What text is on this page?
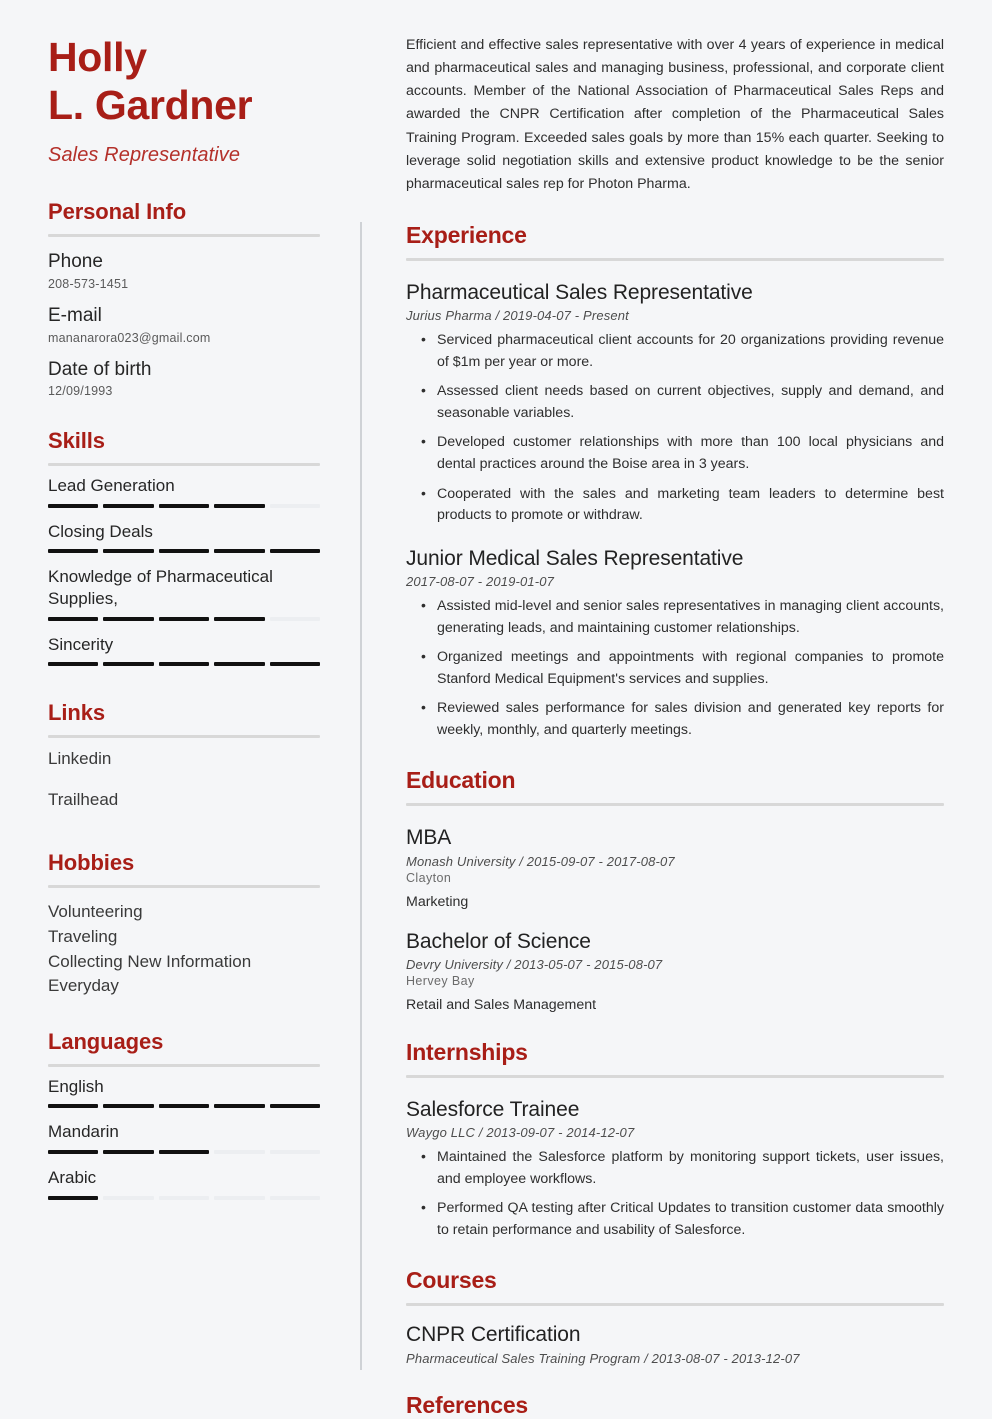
Holly
L. Gardner
Sales Representative
Personal Info
Phone
208-573-1451
E-mail
mananarora023@gmail.com
Date of birth
12/09/1993
Skills
Lead Generation
Closing Deals
Knowledge of Pharmaceutical Supplies,
Sincerity
Links
Linkedin
Trailhead
Hobbies
Volunteering
Traveling
Collecting New Information
Everyday
Languages
English
Mandarin
Arabic

Efficient and effective sales representative with over 4 years of experience in medical and pharmaceutical sales and managing business, professional, and corporate client accounts. Member of the National Association of Pharmaceutical Sales Reps and awarded the CNPR Certification after completion of the Pharmaceutical Sales Training Program. Exceeded sales goals by more than 15% each quarter. Seeking to leverage solid negotiation skills and extensive product knowledge to be the senior pharmaceutical sales rep for Photon Pharma.

Experience
Pharmaceutical Sales Representative
Jurius Pharma / 2019-04-07 - Present
• Serviced pharmaceutical client accounts for 20 organizations providing revenue of $1m per year or more.
• Assessed client needs based on current objectives, supply and demand, and seasonable variables.
• Developed customer relationships with more than 100 local physicians and dental practices around the Boise area in 3 years.
• Cooperated with the sales and marketing team leaders to determine best products to promote or withdraw.
Junior Medical Sales Representative
2017-08-07 - 2019-01-07
• Assisted mid-level and senior sales representatives in managing client accounts, generating leads, and maintaining customer relationships.
• Organized meetings and appointments with regional companies to promote Stanford Medical Equipment's services and supplies.
• Reviewed sales performance for sales division and generated key reports for weekly, monthly, and quarterly meetings.
Education
MBA
Monash University / 2015-09-07 - 2017-08-07
Clayton
Marketing
Bachelor of Science
Devry University / 2013-05-07 - 2015-08-07
Hervey Bay
Retail and Sales Management
Internships
Salesforce Trainee
Waygo LLC / 2013-09-07 - 2014-12-07
• Maintained the Salesforce platform by monitoring support tickets, user issues, and employee workflows.
• Performed QA testing after Critical Updates to transition customer data smoothly to retain performance and usability of Salesforce.
Courses
CNPR Certification
Pharmaceutical Sales Training Program / 2013-08-07 - 2013-12-07
References
